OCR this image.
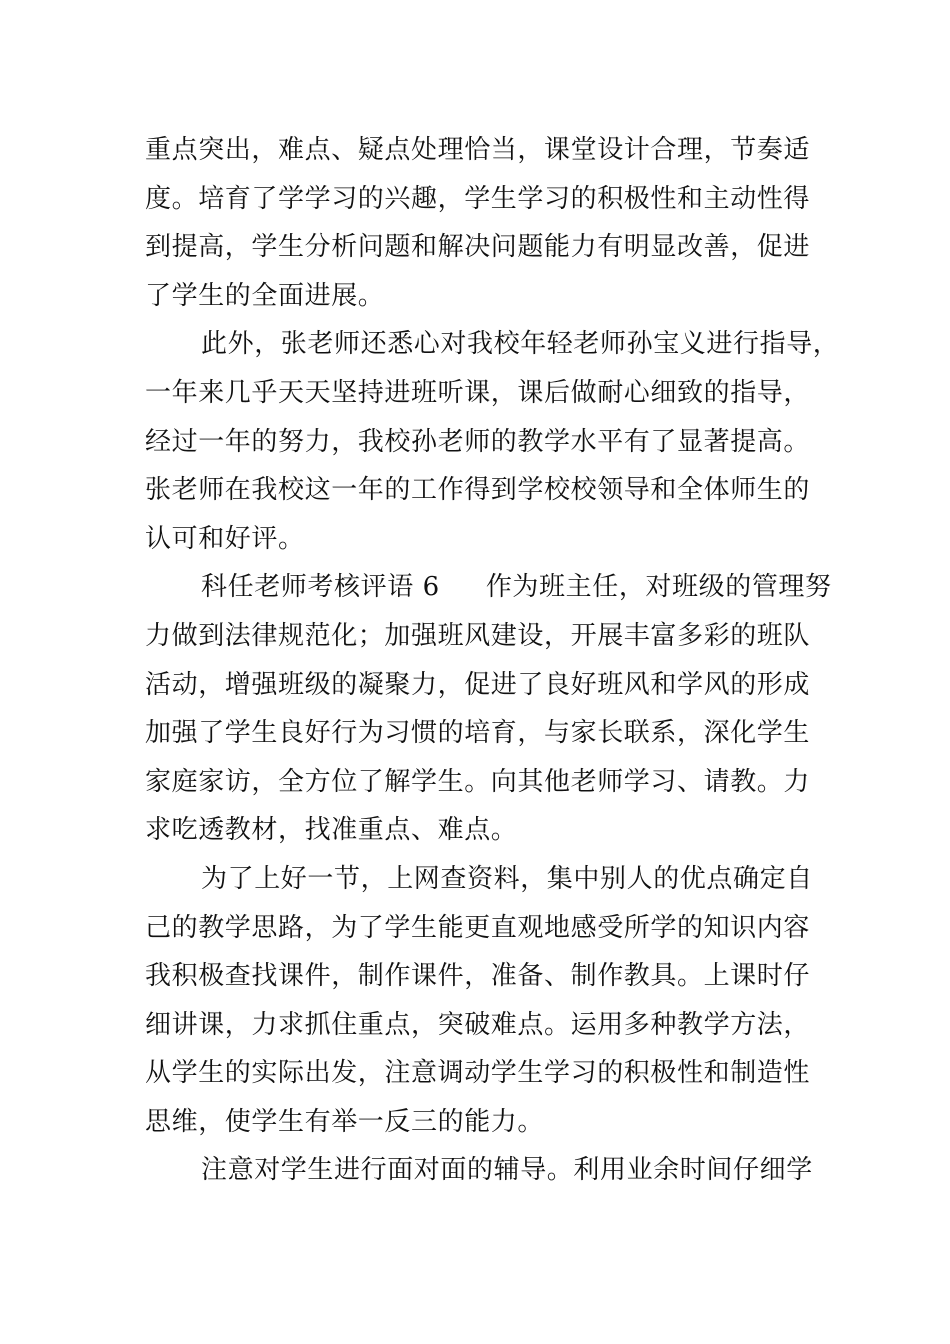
重点突出，难点、疑点处理恰当，课堂设计合理，节奏适
度。培育了学学习的兴趣，学生学习的积极性和主动性得
到提高，学生分析问题和解决问题能力有明显改善，促进
了学生的全面进展。
此外，张老师还悉心对我校年轻老师孙宝义进行指导，
一年来几乎天天坚持进班听课，课后做耐心细致的指导，
经过一年的努力，我校孙老师的教学水平有了显著提高。
张老师在我校这一年的工作得到学校校领导和全体师生的
认可和好评。
科任老师考核评语 6 作为班主任，对班级的管理努
力做到法律规范化；加强班风建设，开展丰富多彩的班队
活动，增强班级的凝聚力，促进了良好班风和学风的形成
加强了学生良好行为习惯的培育，与家长联系，深化学生
家庭家访，全方位了解学生。向其他老师学习、请教。力
求吃透教材，找准重点、难点。
为了上好一节，上网查资料，集中别人的优点确定自
己的教学思路，为了学生能更直观地感受所学的知识内容
我积极查找课件，制作课件，准备、制作教具。上课时仔
细讲课，力求抓住重点，突破难点。运用多种教学方法，
从学生的实际出发，注意调动学生学习的积极性和制造性
思维，使学生有举一反三的能力。
注意对学生进行面对面的辅导。利用业余时间仔细学
